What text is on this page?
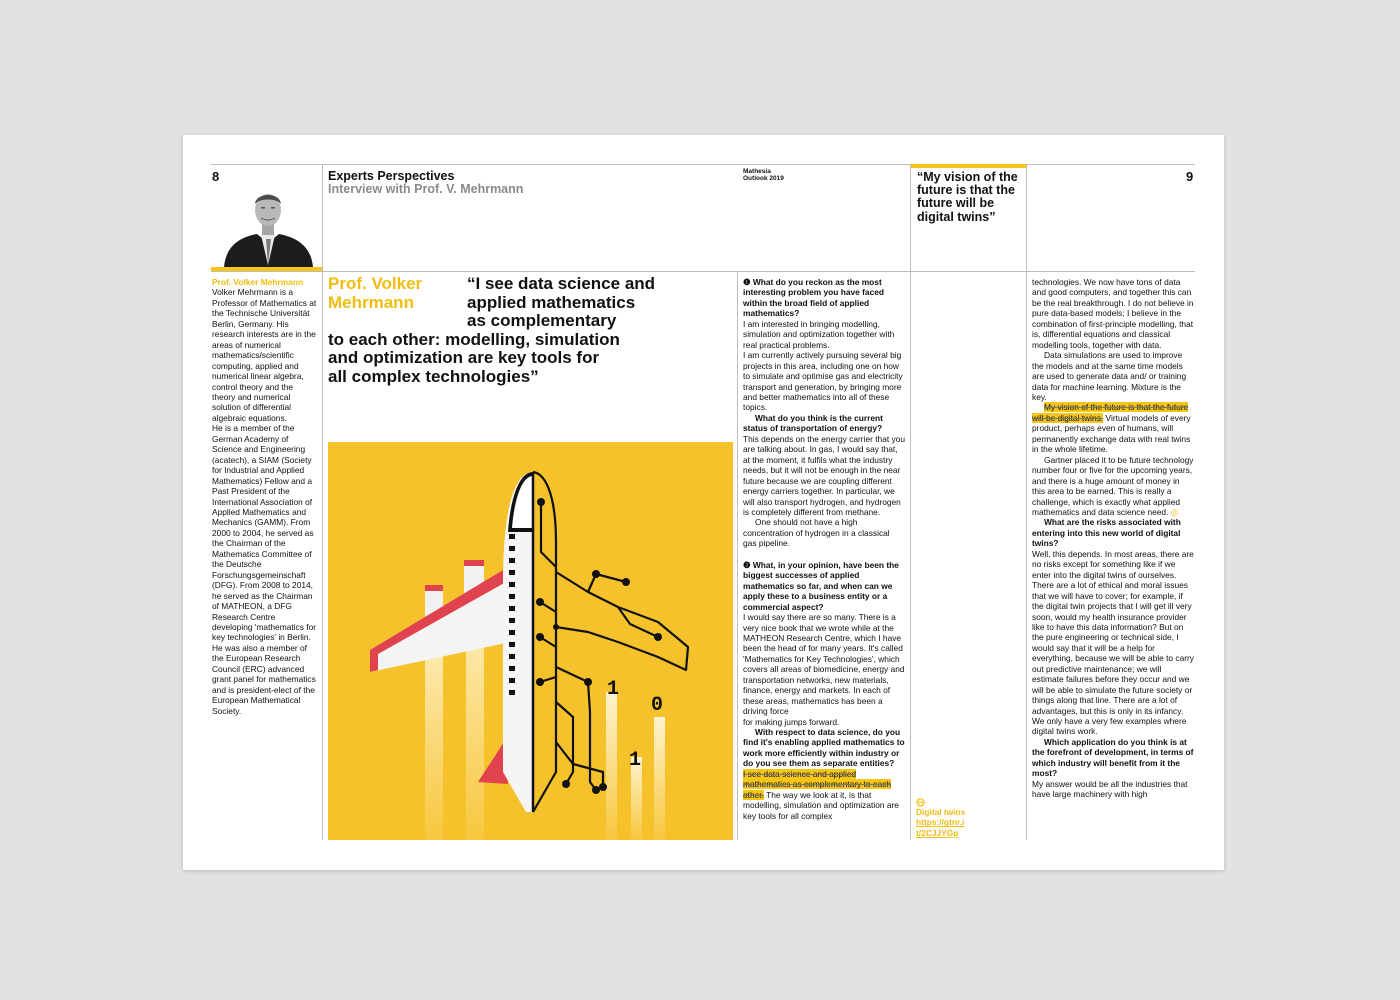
8	Experts Perspectives
Interview with Prof. V. Mehrmann
Mathesia
Outlook 2019
Prof. Volker Mehrmann

Volker Mehrmann is a Professor of Mathematics at the Technische Universität Berlin, Germany. His research interests are in the areas of numerical mathematics/scientific computing, applied and numerical linear algebra, control theory and the theory and numerical solution of differential algebraic equations.
He is a member of the German Academy of Science and Engineering (acatech), a SIAM (Society for Industrial and Applied Mathematics) Fellow and a Past President of the International Association of Applied Mathematics and Mechanics (GAMM). From 2000 to 2004, he served as the Chairman of the Mathematics Committee of the Deutsche Forschungsgemeinschaft (DFG). From 2008 to 2014, he served as the Chairman of MATHEON, a DFG Research Centre developing 'mathematics for key technologies' in Berlin. He was also a member of the European Research Council (ERC) advanced grant panel for mathematics and is president-elect of the European Mathematical Society.

Prof. Volker
Mehrmann
“I see data science and
applied mathematics
as complementary
to each other: modelling, simulation
and optimization are key tools for
all complex technologies”
1
0
1

❶ What do you reckon as the most interesting problem you have faced within the broad field of applied mathematics?

I am interested in bringing modelling, simulation and optimization together with real practical problems.
I am currently actively pursuing several big projects in this area, including one on how to simulate and optimise gas and electricity transport and generation, by bringing more and better mathematics into all of these topics.

What do you think is the current status of transportation of energy?

This depends on the energy carrier that you are talking about. In gas, I would say that, at the moment, it fulfils what the industry needs, but it will not be enough in the near future because we are coupling different energy carriers together. In particular, we will also transport hydrogen, and hydrogen is completely different from methane.

One should not have a high concentration of hydrogen in a classical gas pipeline.

❷ What, in your opinion, have been the biggest successes of applied mathematics so far, and when can we apply these to a business entity or a commercial aspect?

I would say there are so many. There is a very nice book that we wrote while at the MATHEON Research Centre, which I have been the head of for many years. It's called 'Mathematics for Key Technologies', which covers all areas of biomedicine, energy and transportation networks, new materials, finance, energy and markets. In each of these areas, mathematics has been a driving force
for making jumps forward.

With respect to data science, do you find it's enabling applied mathematics to work more efficiently within industry or do you see them as separate entities?

I see data science and applied mathematics as complementary to each other. The way we look at it, is that modelling, simulation and optimization are key tools for all complex

“My vision of the future is that the future will be digital twins”
9
Digital twins
https://gtnr.it/2CJJYGp

technologies. We now have tons of data and good computers, and together this can be the real breakthrough. I do not believe in pure data-based models; I believe in the combination of first-principle modelling, that is, differential equations and classical modelling tools, together with data.

Data simulations are used to improve the models and at the same time models are used to generate data and/ or training data for machine learning. Mixture is the key.

My vision of the future is that the future will be digital twins. Virtual models of every product, perhaps even of humans, will permanently exchange data with real twins in the whole lifetime.

Gartner placed it to be future technology number four or five for the upcoming years, and there is a huge amount of money in this area to be earned. This is really a challenge, which is exactly what applied mathematics and data science need. ◎

What are the risks associated with entering into this new world of digital twins?

Well, this depends. In most areas, there are no risks except for something like if we enter into the digital twins of ourselves. There are a lot of ethical and moral issues that we will have to cover; for example, if the digital twin projects that I will get ill very soon, would my health insurance provider like to have this data information? But on the pure engineering or technical side, I would say that it will be a help for everything, because we will be able to carry out predictive maintenance; we will estimate failures before they occur and we will be able to simulate the future society or things along that line. There are a lot of advantages, but this is only in its infancy. We only have a very few examples where digital twins work.

Which application do you think is at the forefront of development, in terms of which industry will benefit from it the most?

My answer would be all the industries that have large machinery with high
